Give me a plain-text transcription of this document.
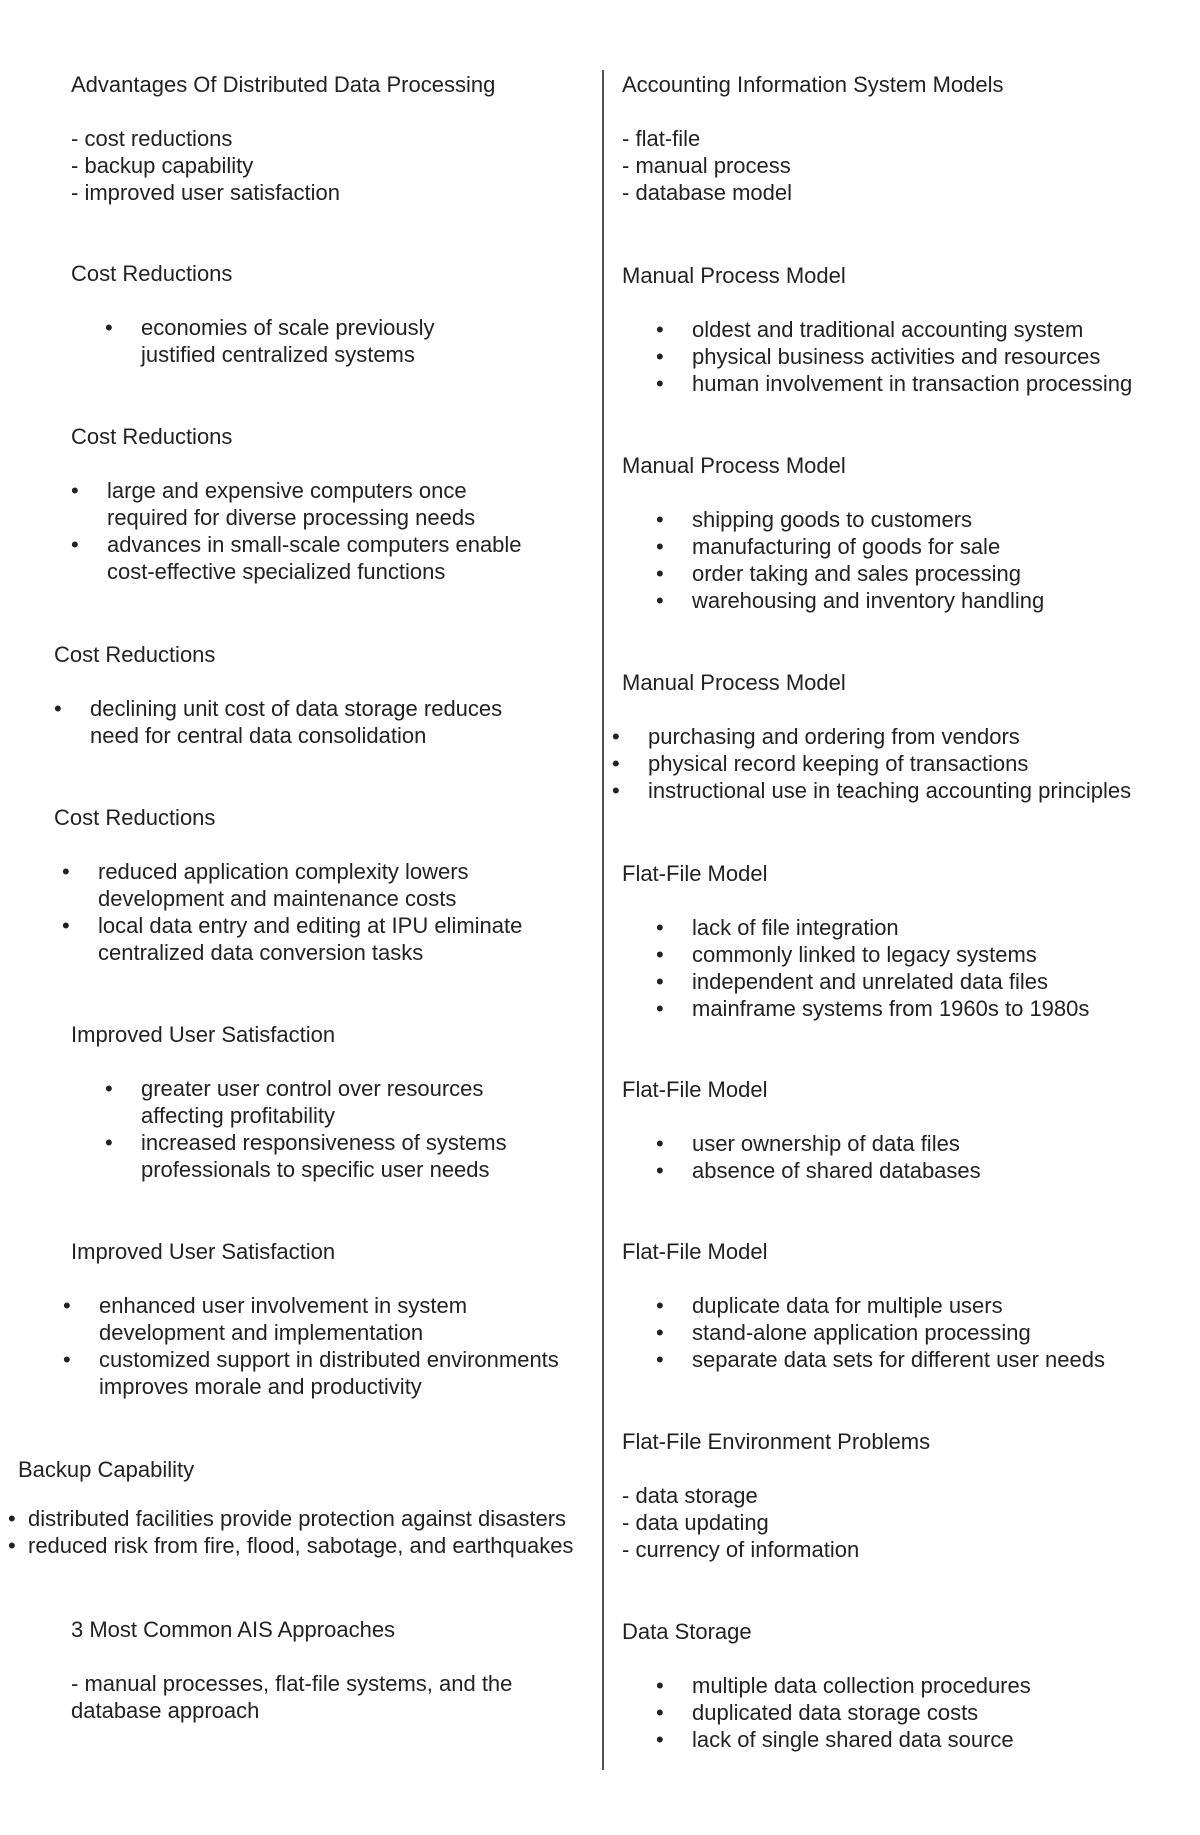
Advantages Of Distributed Data Processing

- cost reductions
- backup capability
- improved user satisfaction

Cost Reductions

• economies of scale previously justified centralized systems

Cost Reductions

• large and expensive computers once required for diverse processing needs
• advances in small-scale computers enable cost-effective specialized functions

Cost Reductions

• declining unit cost of data storage reduces need for central data consolidation

Cost Reductions

• reduced application complexity lowers development and maintenance costs
• local data entry and editing at IPU eliminate centralized data conversion tasks

Improved User Satisfaction

• greater user control over resources affecting profitability
• increased responsiveness of systems professionals to specific user needs

Improved User Satisfaction

• enhanced user involvement in system development and implementation
• customized support in distributed environments improves morale and productivity

Backup Capability

• distributed facilities provide protection against disasters
• reduced risk from fire, flood, sabotage, and earthquakes

3 Most Common AIS Approaches

- manual processes, flat-file systems, and the database approach

Accounting Information System Models

- flat-file
- manual process
- database model

Manual Process Model

• oldest and traditional accounting system
• physical business activities and resources
• human involvement in transaction processing

Manual Process Model

• shipping goods to customers
• manufacturing of goods for sale
• order taking and sales processing
• warehousing and inventory handling

Manual Process Model

• purchasing and ordering from vendors
• physical record keeping of transactions
• instructional use in teaching accounting principles

Flat-File Model

• lack of file integration
• commonly linked to legacy systems
• independent and unrelated data files
• mainframe systems from 1960s to 1980s

Flat-File Model

• user ownership of data files
• absence of shared databases

Flat-File Model

• duplicate data for multiple users
• stand-alone application processing
• separate data sets for different user needs

Flat-File Environment Problems

- data storage
- data updating
- currency of information

Data Storage

• multiple data collection procedures
• duplicated data storage costs
• lack of single shared data source
